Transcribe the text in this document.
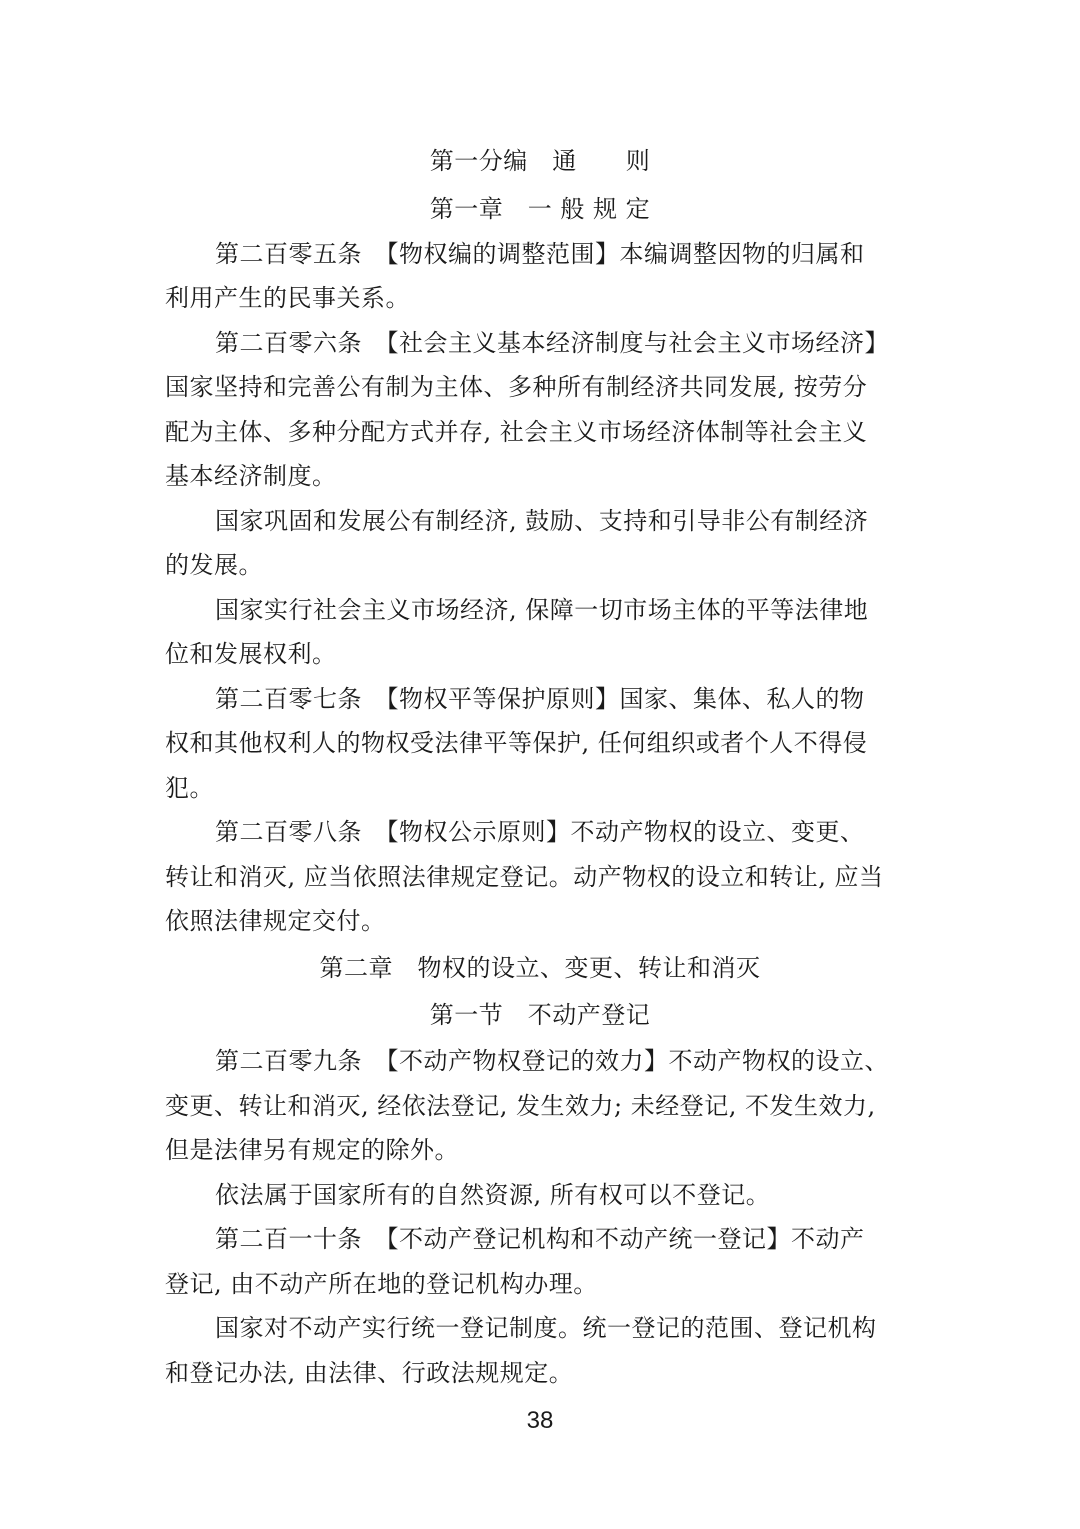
第一分编　通　　则
第一章　一 般 规 定
第二百零五条　【物权编的调整范围】本编调整因物的归属和
利用产生的民事关系。
第二百零六条　【社会主义基本经济制度与社会主义市场经济】
国家坚持和完善公有制为主体、多种所有制经济共同发展, 按劳分
配为主体、多种分配方式并存, 社会主义市场经济体制等社会主义
基本经济制度。
国家巩固和发展公有制经济, 鼓励、支持和引导非公有制经济
的发展。
国家实行社会主义市场经济, 保障一切市场主体的平等法律地
位和发展权利。
第二百零七条　【物权平等保护原则】国家、集体、私人的物
权和其他权利人的物权受法律平等保护, 任何组织或者个人不得侵
犯。
第二百零八条　【物权公示原则】不动产物权的设立、变更、
转让和消灭, 应当依照法律规定登记。动产物权的设立和转让, 应当
依照法律规定交付。
第二章　物权的设立、变更、转让和消灭
第一节　不动产登记
第二百零九条　【不动产物权登记的效力】不动产物权的设立、
变更、转让和消灭, 经依法登记, 发生效力; 未经登记, 不发生效力,
但是法律另有规定的除外。
依法属于国家所有的自然资源, 所有权可以不登记。
第二百一十条　【不动产登记机构和不动产统一登记】不动产
登记, 由不动产所在地的登记机构办理。
国家对不动产实行统一登记制度。统一登记的范围、登记机构
和登记办法, 由法律、行政法规规定。
38
